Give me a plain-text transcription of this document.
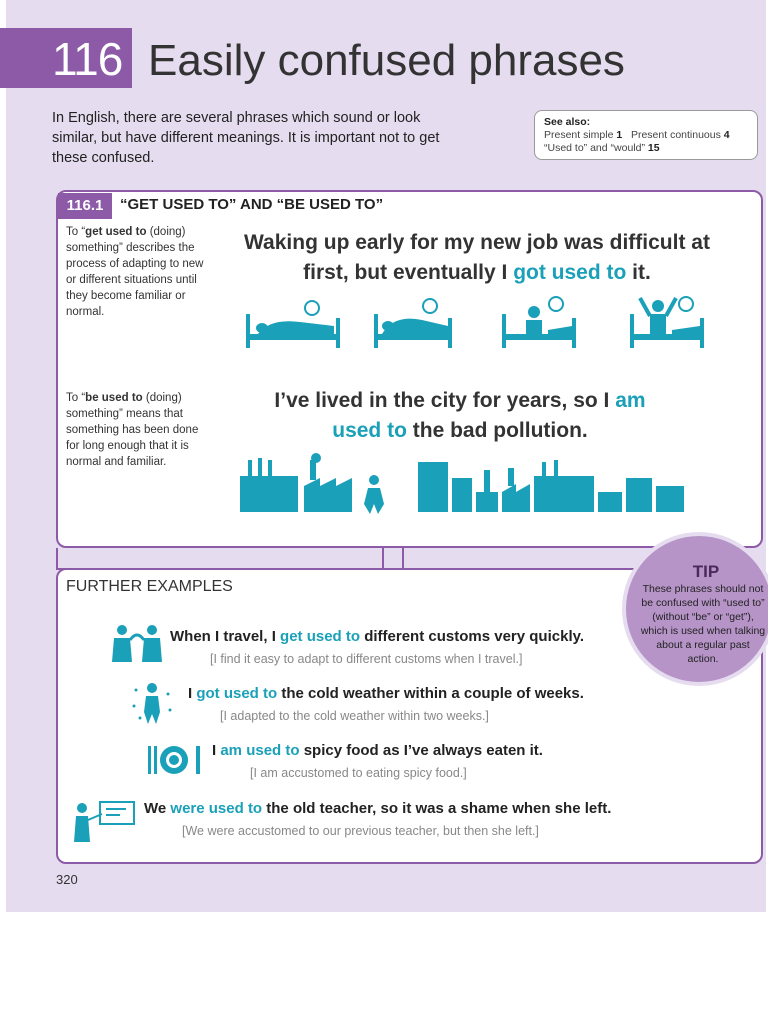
116 Easily confused phrases
In English, there are several phrases which sound or look similar, but have different meanings. It is important not to get these confused.
See also:
Present simple 1   Present continuous 4
“Used to” and “would” 15
116.1	“GET USED TO” AND “BE USED TO”
To “get used to (doing) something” describes the process of adapting to new or different situations until they become familiar or normal.
Waking up early for my new job was difficult at first, but eventually I got used to it.
To “be used to (doing) something” means that something has been done for long enough that it is normal and familiar.
I’ve lived in the city for years, so I am used to the bad pollution.
FURTHER EXAMPLES
When I travel, I get used to different customs very quickly.
[I find it easy to adapt to different customs when I travel.]
I got used to the cold weather within a couple of weeks.
[I adapted to the cold weather within two weeks.]
I am used to spicy food as I’ve always eaten it.
[I am accustomed to eating spicy food.]
We were used to the old teacher, so it was a shame when she left.
[We were accustomed to our previous teacher, but then she left.]
TIP
These phrases should not be confused with “used to” (without “be” or “get”), which is used when talking about a regular past action.
320
